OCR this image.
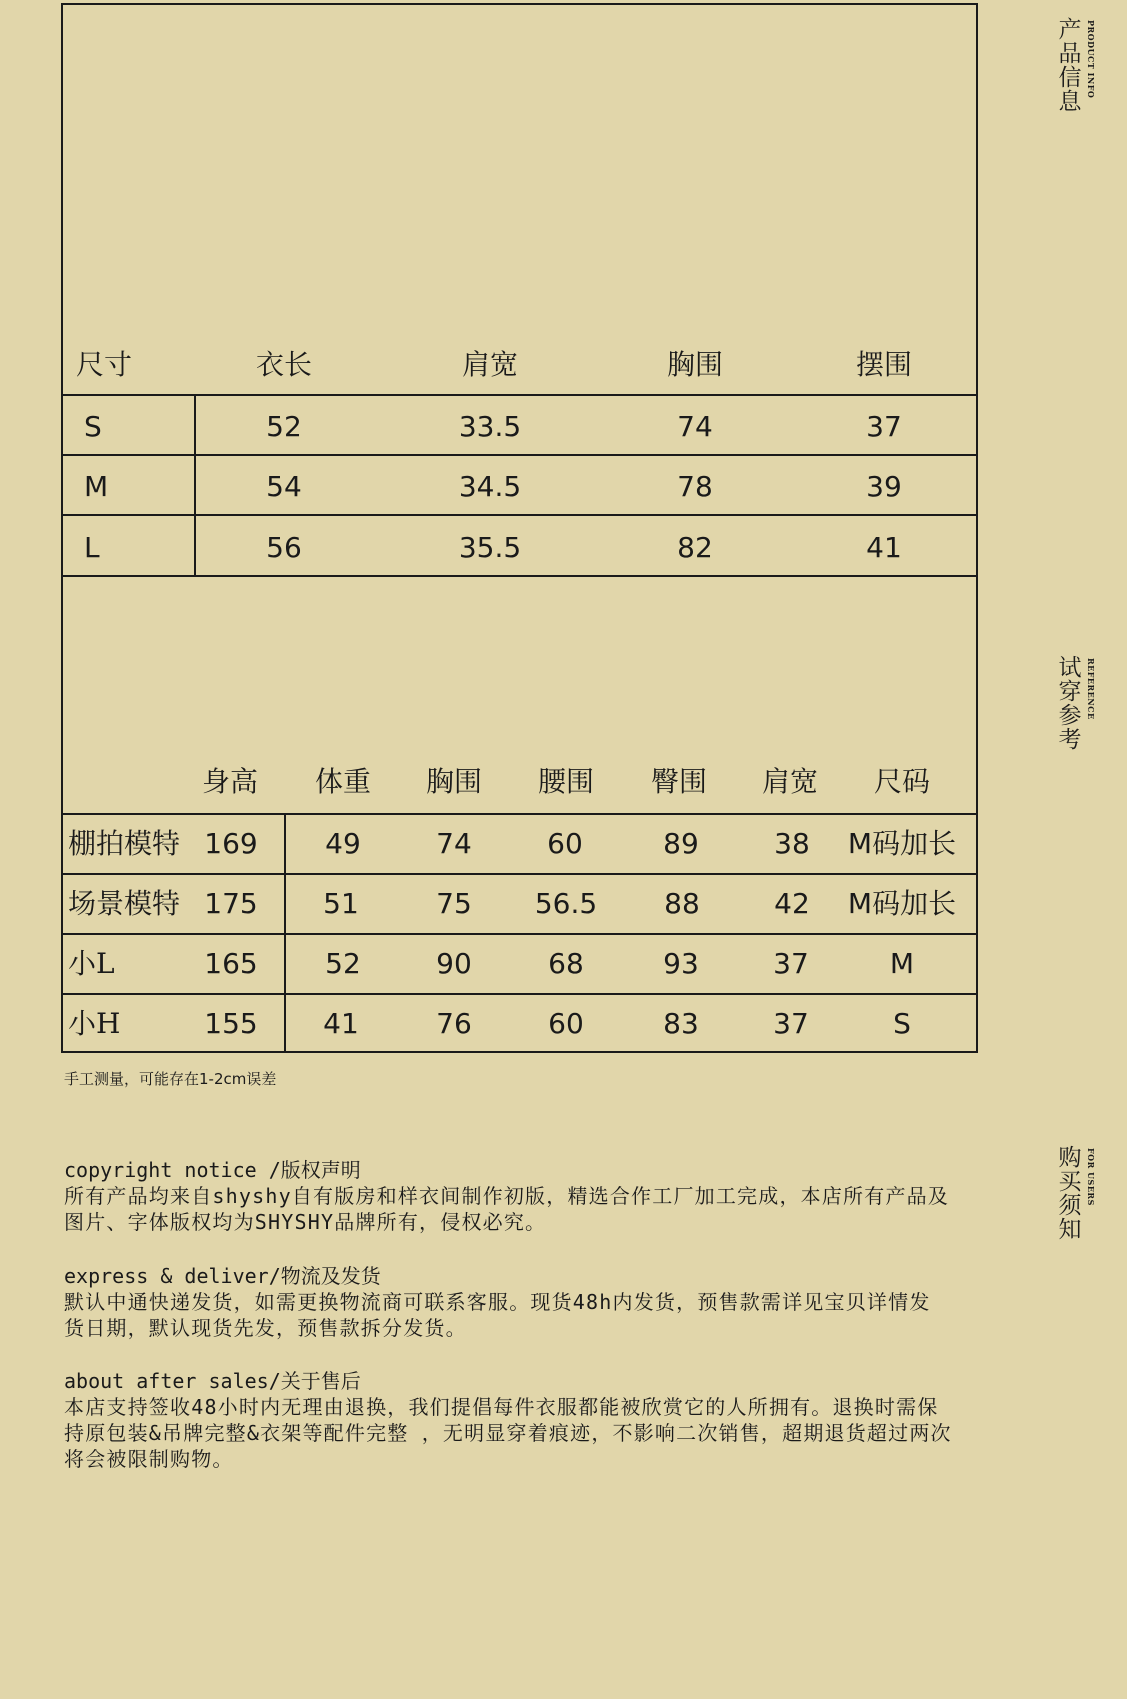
尺寸	衣长	肩宽	胸围	摆围
S	52	33.5	74	37
M	54	34.5	78	39
L	56	35.5	82	41
身高 体重 胸围 腰围 臀围 肩宽 尺码
棚拍模特 169 49	74	60	89	38 M码加长
场景模特 175 51	75 56.5 88	42 M码加长
小L	165 52	90	68	93	37	M
小H	155 41	76	60	83	37	S
手工测量，可能存在1-2cm误差
copyright notice /版权声明
所有产品均来自shyshy自有版房和样衣间制作初版，精选合作工厂加工完成，本店所有产品及
图片、字体版权均为SHYSHY品牌所有，侵权必究。
express & deliver/物流及发货
默认中通快递发货，如需更换物流商可联系客服。现货48h内发货，预售款需详见宝贝详情发
货日期，默认现货先发，预售款拆分发货。
about after sales/关于售后
本店支持签收48小时内无理由退换，我们提倡每件衣服都能被欣赏它的人所拥有。退换时需保
持原包装&吊牌完整&衣架等配件完整 ，无明显穿着痕迹，不影响二次销售，超期退货超过两次
将会被限制购物。
产品信息
PRODUCT INFO
试穿参考
REFERENCE
购买须知
FOR USERS
